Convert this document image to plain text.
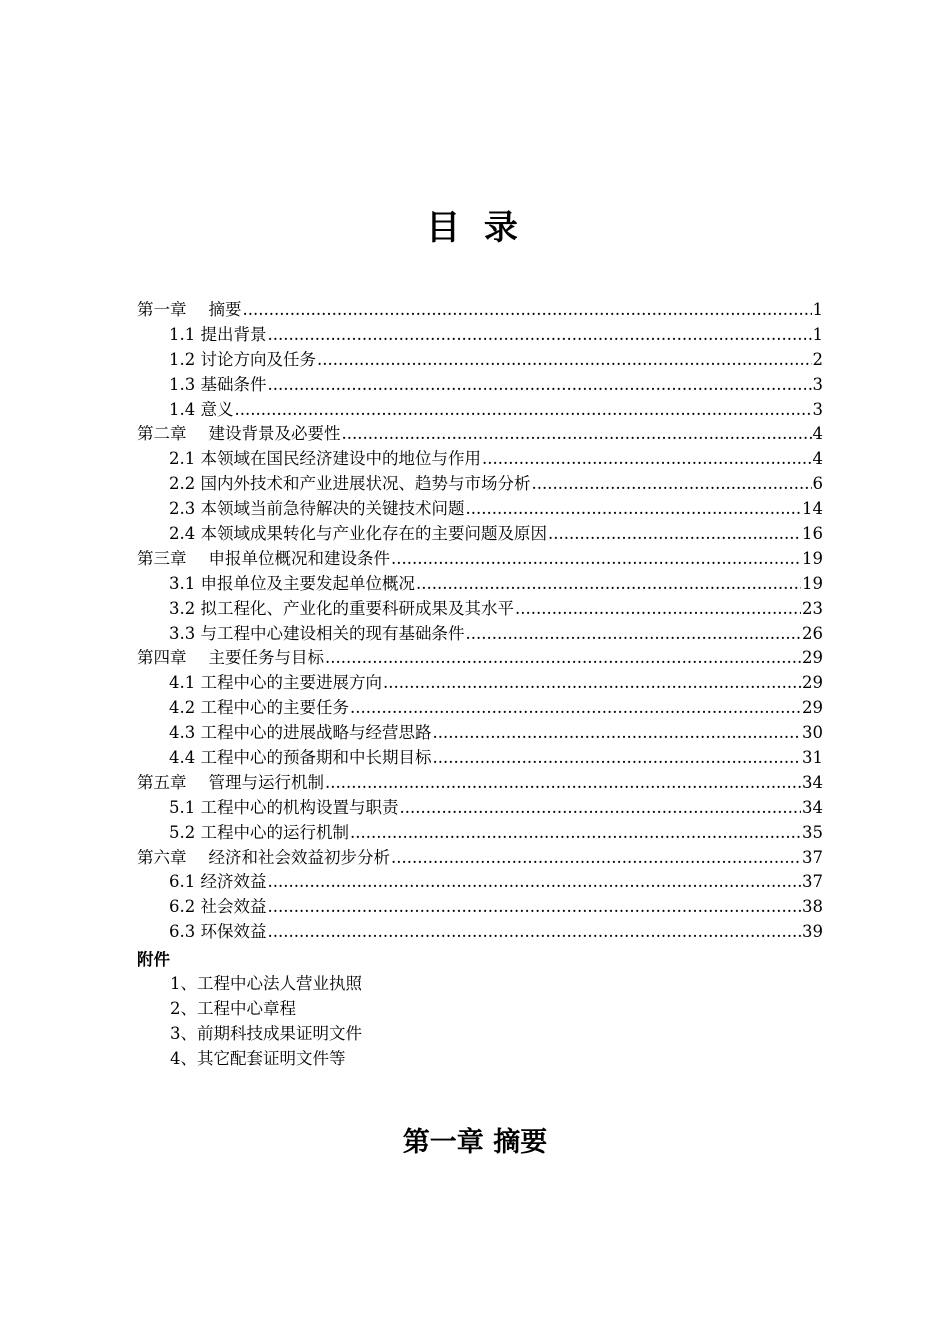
目 录
第一章 摘要 .....	1
1.1 提出背景 .....	1
1.2 讨论方向及任务 .....	2
1.3 基础条件 .....	3
1.4 意义 .....	3
第二章 建设背景及必要性 .....	4
2.1 本领域在国民经济建设中的地位与作用 .....	4
2.2 国内外技术和产业进展状况、趋势与市场分析 .....	6
2.3 本领域当前急待解决的关键技术问题 .....	14
2.4 本领域成果转化与产业化存在的主要问题及原因 .....	16
第三章 申报单位概况和建设条件 .....	19
3.1 申报单位及主要发起单位概况 .....	19
3.2 拟工程化、产业化的重要科研成果及其水平 .....	23
3.3 与工程中心建设相关的现有基础条件 .....	26
第四章 主要任务与目标 .....	29
4.1 工程中心的主要进展方向 .....	29
4.2 工程中心的主要任务 .....	29
4.3 工程中心的进展战略与经营思路 .....	30
4.4 工程中心的预备期和中长期目标 .....	31
第五章 管理与运行机制 .....	34
5.1 工程中心的机构设置与职责 .....	34
5.2 工程中心的运行机制 .....	35
第六章 经济和社会效益初步分析 .....	37
6.1 经济效益 .....	37
6.2 社会效益 .....	38
6.3 环保效益 .....	39
附件
1、工程中心法人营业执照
2、工程中心章程
3、前期科技成果证明文件
4、其它配套证明文件等
第一章 摘要
